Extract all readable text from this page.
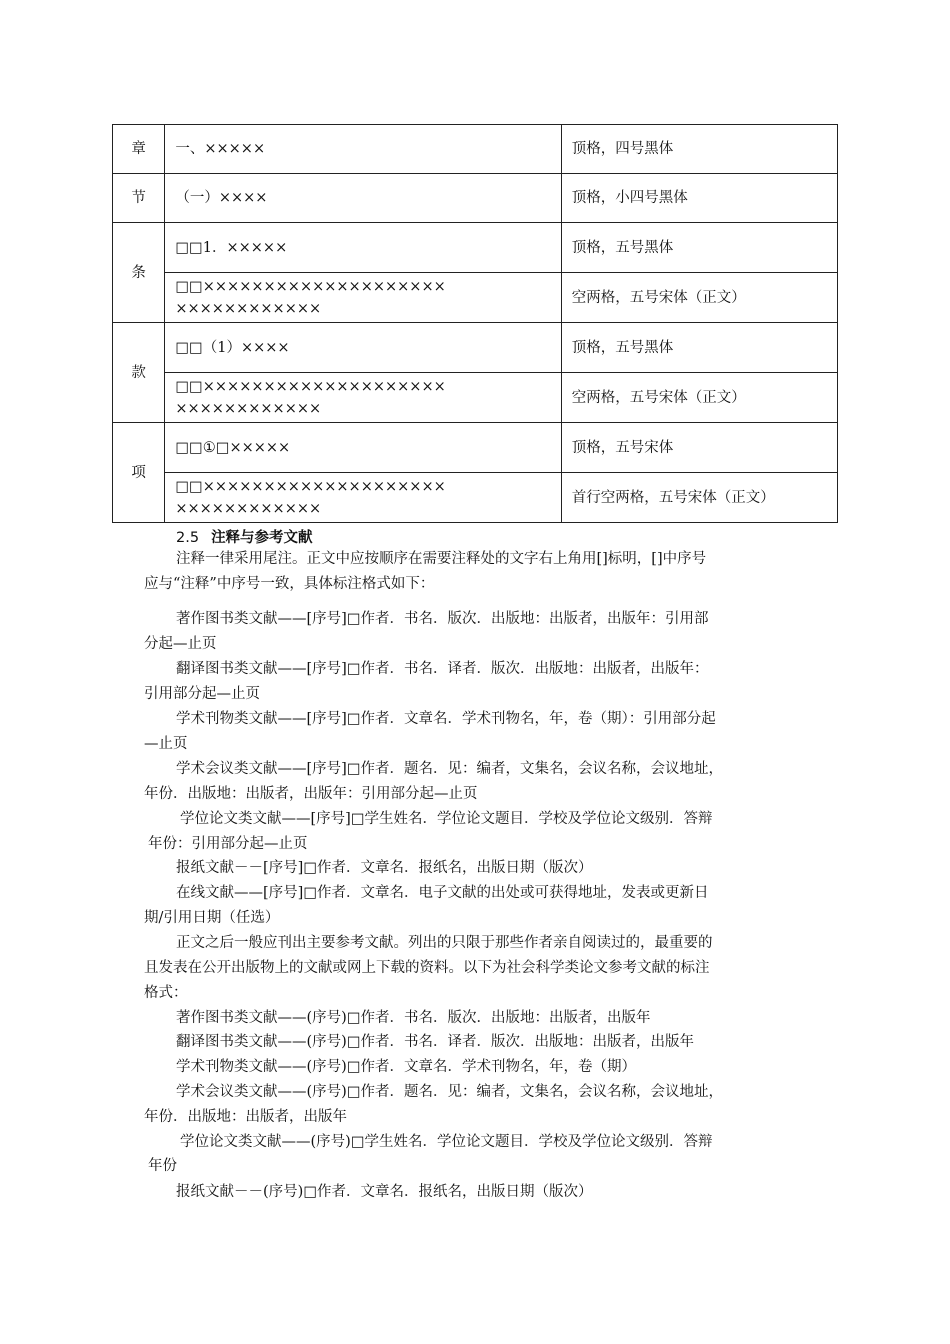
章	一、×××××	顶格，四号黑体
节	（一）××××	顶格，小四号黑体
条	□□1．×××××	顶格，五号黑体

	□□××××××××××××××××××××
××××××××××××	空两格，五号宋体（正文）
款	□□（1）××××	顶格，五号黑体

	□□××××××××××××××××××××
××××××××××××	空两格，五号宋体（正文）
项	□□①□×××××	顶格，五号宋体

	□□××××××××××××××××××××
××××××××××××	首行空两格，五号宋体（正文）
2.5 注释与参考文献
注释一律采用尾注。正文中应按顺序在需要注释处的文字右上角用[]标明，[]中序号
应与“注释”中序号一致，具体标注格式如下：
著作图书类文献——[序号]□作者．书名．版次．出版地：出版者，出版年：引用部
分起—止页
翻译图书类文献——[序号]□作者．书名．译者．版次．出版地：出版者，出版年：
引用部分起—止页
学术刊物类文献——[序号]□作者．文章名．学术刊物名，年，卷（期）：引用部分起
—止页
学术会议类文献——[序号]□作者．题名．见：编者，文集名，会议名称，会议地址，
年份．出版地：出版者，出版年：引用部分起—止页
学位论文类文献——[序号]□学生姓名．学位论文题目．学校及学位论文级别．答辩
年份：引用部分起—止页
报纸文献－－[序号]□作者．文章名．报纸名，出版日期（版次）
在线文献——[序号]□作者．文章名．电子文献的出处或可获得地址，发表或更新日
期/引用日期（任选）
正文之后一般应刊出主要参考文献。列出的只限于那些作者亲自阅读过的，最重要的
且发表在公开出版物上的文献或网上下载的资料。以下为社会科学类论文参考文献的标注
格式：
著作图书类文献——(序号)□作者．书名．版次．出版地：出版者，出版年
翻译图书类文献——(序号)□作者．书名．译者．版次．出版地：出版者，出版年
学术刊物类文献——(序号)□作者．文章名．学术刊物名，年，卷（期）
学术会议类文献——(序号)□作者．题名．见：编者，文集名，会议名称，会议地址，
年份．出版地：出版者，出版年
学位论文类文献——(序号)□学生姓名．学位论文题目．学校及学位论文级别．答辩
年份
报纸文献－－(序号)□作者．文章名．报纸名，出版日期（版次）
